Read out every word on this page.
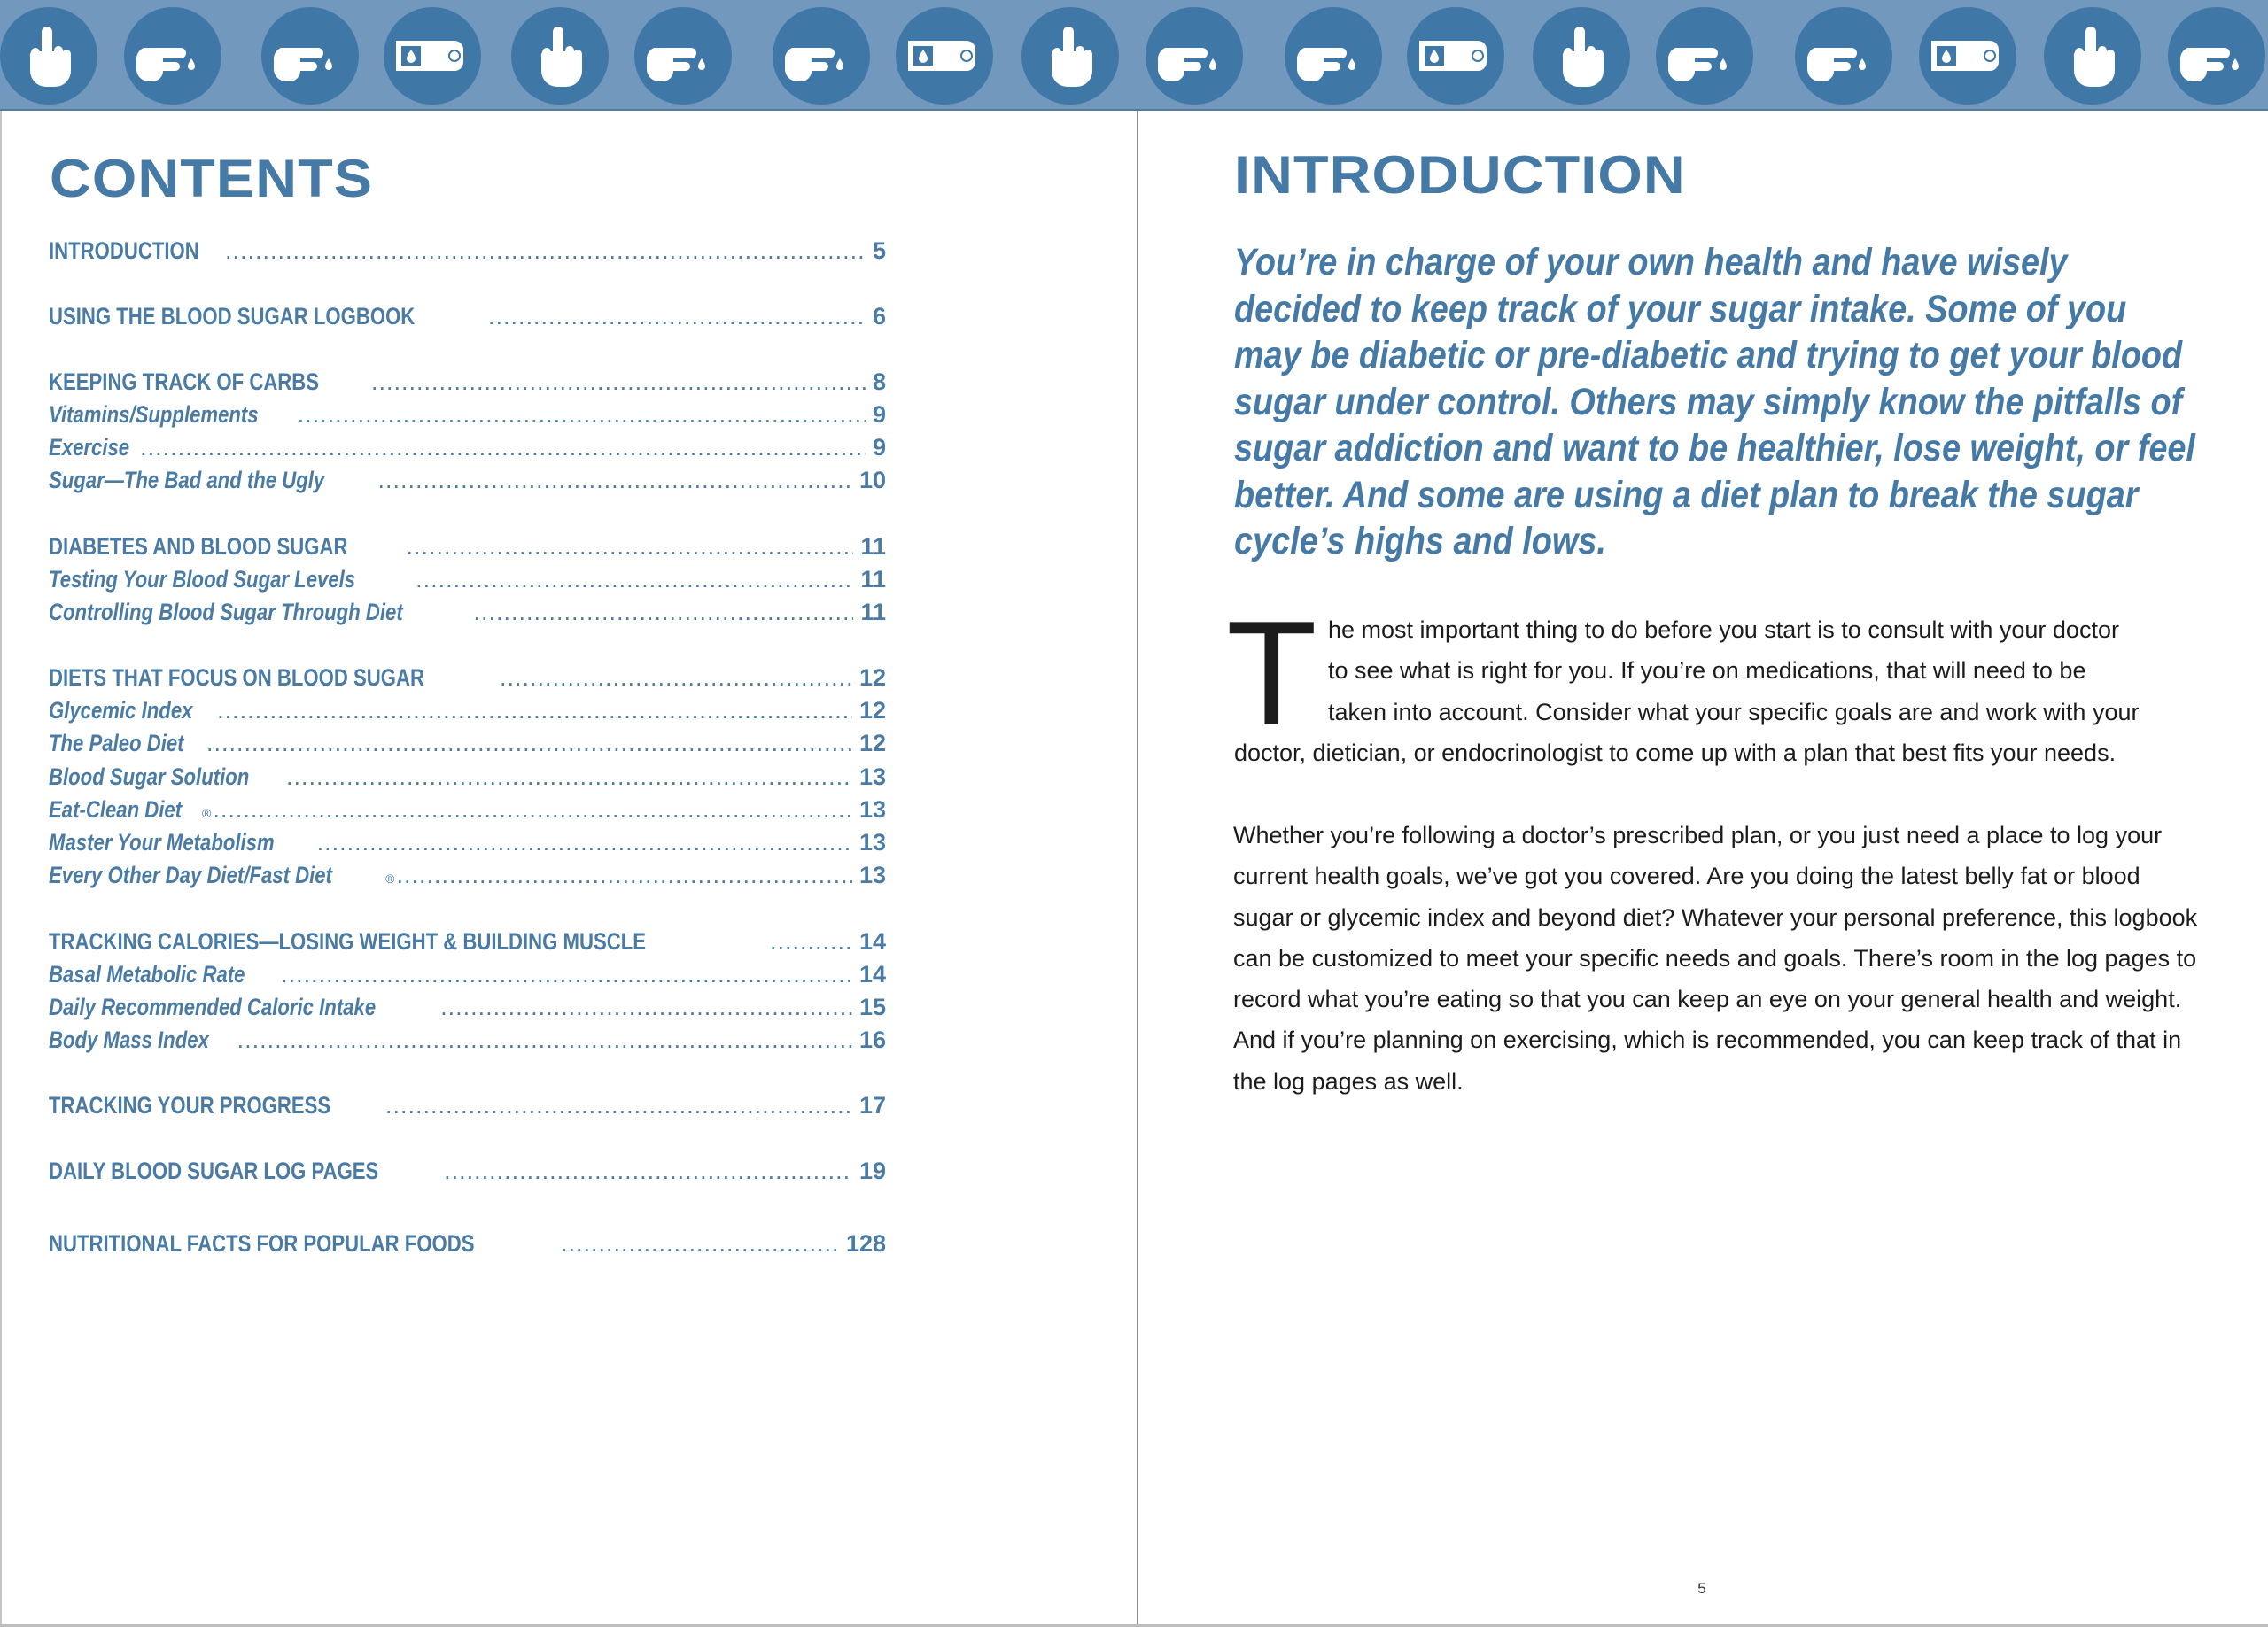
CONTENTS
INTRODUCTION .....	5
USING THE BLOOD SUGAR LOGBOOK .....	6
KEEPING TRACK OF CARBS .....	8
Vitamins/Supplements .....	9
Exercise .....	9
Sugar—The Bad and the Ugly .....	10
DIABETES AND BLOOD SUGAR .....	11
Testing Your Blood Sugar Levels .....	11
Controlling Blood Sugar Through Diet .....	11
DIETS THAT FOCUS ON BLOOD SUGAR .....	12
Glycemic Index .....	12
The Paleo Diet .....	12
Blood Sugar Solution .....	13
Eat-Clean Diet ® .....	13
Master Your Metabolism .....	13
Every Other Day Diet/Fast Diet	® .....	13
TRACKING CALORIES—LOSING WEIGHT & BUILDING MUSCLE .....	14
Basal Metabolic Rate .....	14
Daily Recommended Caloric Intake .....	15
Body Mass Index .....	16
TRACKING YOUR PROGRESS .....	17
DAILY BLOOD SUGAR LOG PAGES .....	19
NUTRITIONAL FACTS FOR POPULAR FOODS .....	128
INTRODUCTION
You’re in charge of your own health and have wisely
decided to keep track of your sugar intake. Some of you
may be diabetic or pre-diabetic and trying to get your blood
sugar under control. Others may simply know the pitfalls of
sugar addiction and want to be healthier, lose weight, or feel
better. And some are using a diet plan to break the sugar
cycle’s highs and lows.
T he most important thing to do before you start is to consult with your doctor
to see what is right for you. If you’re on medications, that will need to be
taken into account. Consider what your specific goals are and work with your
doctor, dietician, or endocrinologist to come up with a plan that best fits your needs.
Whether you’re following a doctor’s prescribed plan, or you just need a place to log your
current health goals, we’ve got you covered. Are you doing the latest belly fat or blood
sugar or glycemic index and beyond diet? Whatever your personal preference, this logbook
can be customized to meet your specific needs and goals. There’s room in the log pages to
record what you’re eating so that you can keep an eye on your general health and weight.
And if you’re planning on exercising, which is recommended, you can keep track of that in
the log pages as well.
5
